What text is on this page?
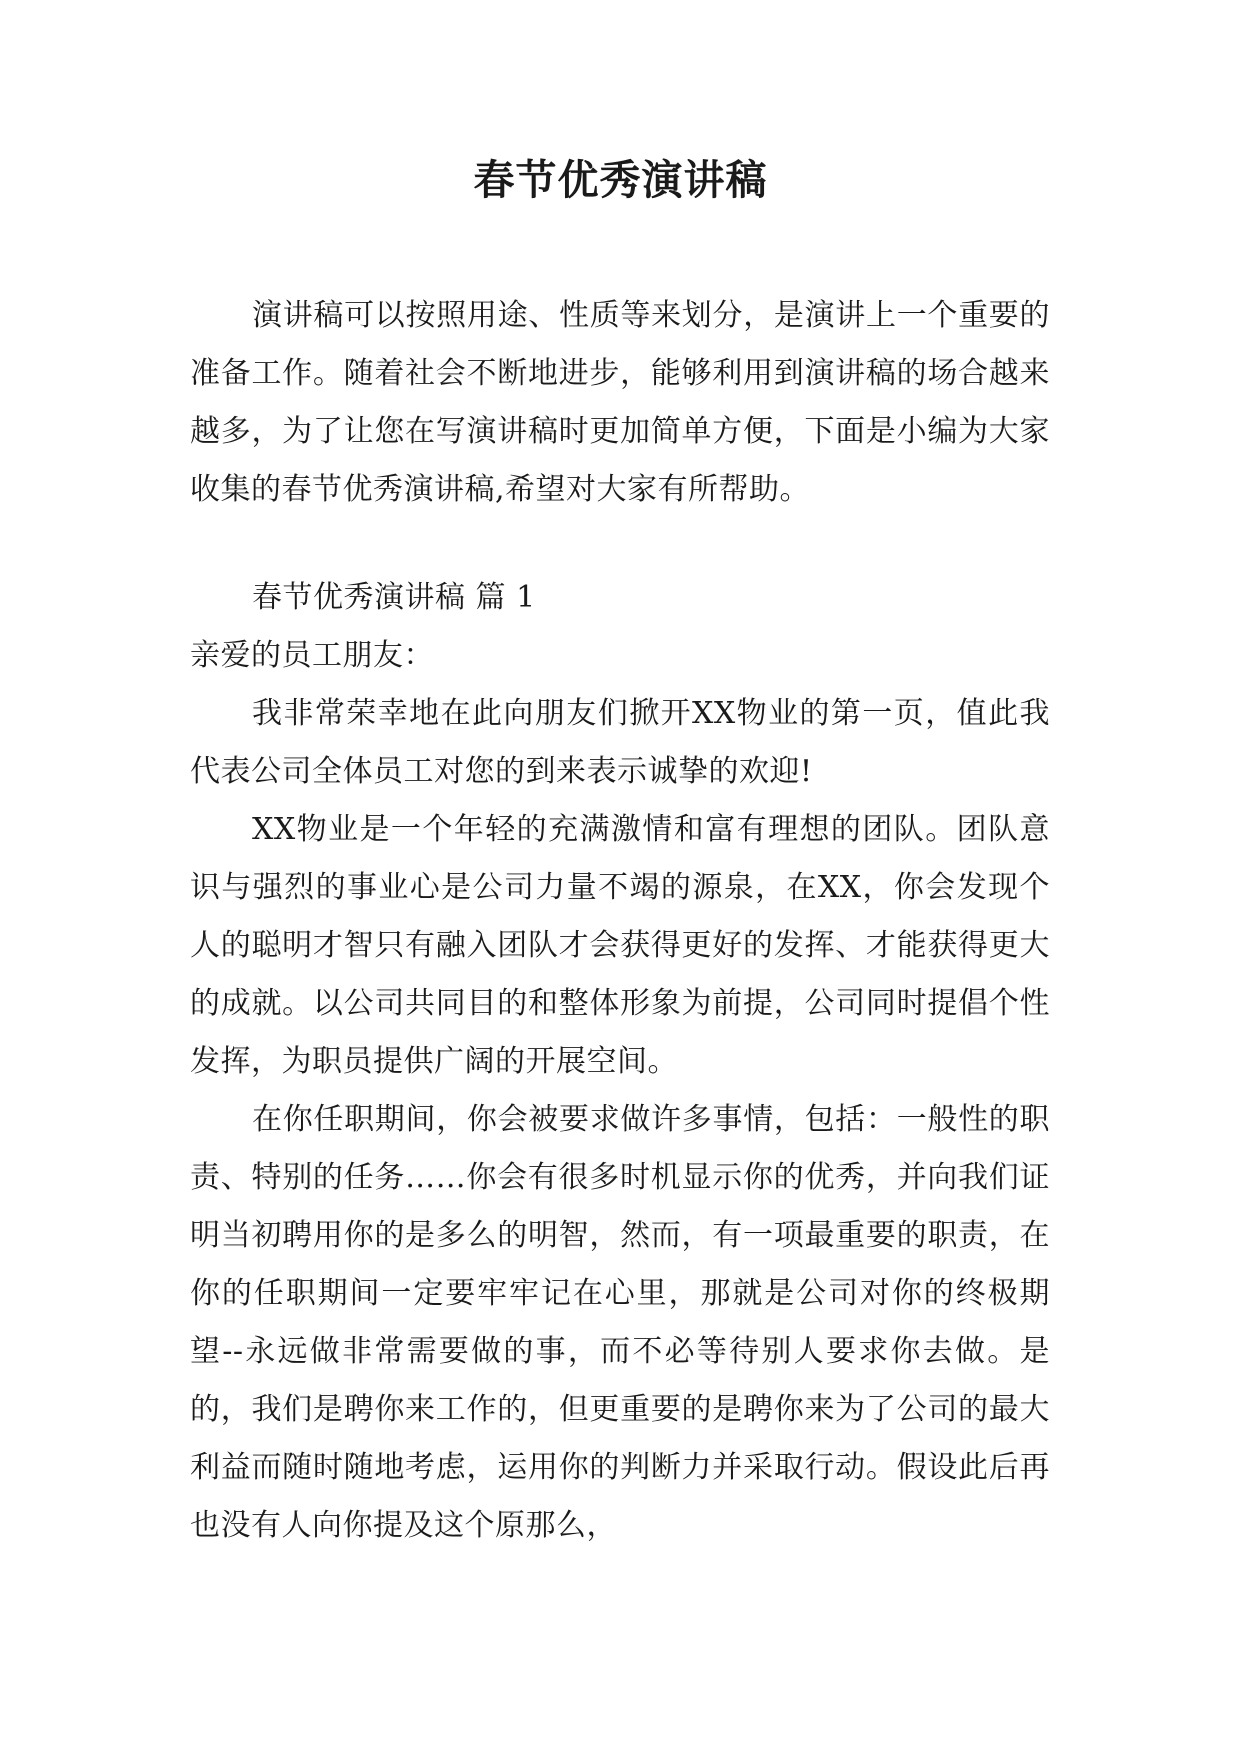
春节优秀演讲稿

演讲稿可以按照用途、性质等来划分，是演讲上一个重要的准备工作。随着社会不断地进步，能够利用到演讲稿的场合越来越多，为了让您在写演讲稿时更加简单方便，下面是小编为大家收集的春节优秀演讲稿,希望对大家有所帮助。

春节优秀演讲稿 篇 1

亲爱的员工朋友：

我非常荣幸地在此向朋友们掀开XX物业的第一页，值此我代表公司全体员工对您的到来表示诚挚的欢迎!

XX物业是一个年轻的充满激情和富有理想的团队。团队意识与强烈的事业心是公司力量不竭的源泉，在XX，你会发现个人的聪明才智只有融入团队才会获得更好的发挥、才能获得更大的成就。以公司共同目的和整体形象为前提，公司同时提倡个性发挥，为职员提供广阔的开展空间。

在你任职期间，你会被要求做许多事情，包括：一般性的职责、特别的任务……你会有很多时机显示你的优秀，并向我们证明当初聘用你的是多么的明智，然而，有一项最重要的职责，在你的任职期间一定要牢牢记在心里，那就是公司对你的终极期望--永远做非常需要做的事，而不必等待别人要求你去做。是的，我们是聘你来工作的，但更重要的是聘你来为了公司的最大利益而随时随地考虑，运用你的判断力并采取行动。假设此后再也没有人向你提及这个原那么，
